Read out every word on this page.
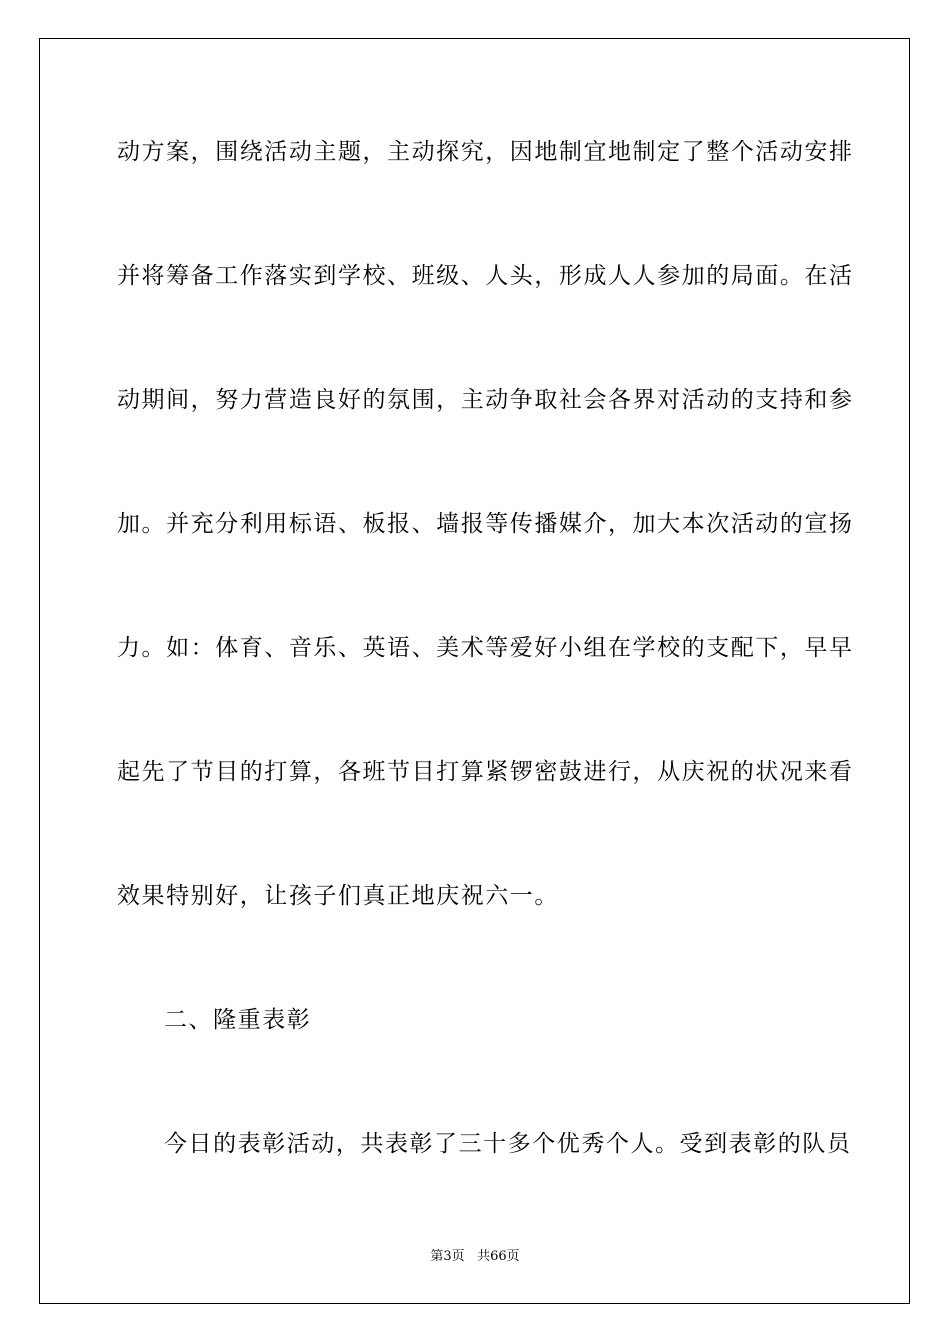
动方案，围绕活动主题，主动探究，因地制宜地制定了整个活动安排
并将筹备工作落实到学校、班级、人头，形成人人参加的局面。在活
动期间，努力营造良好的氛围，主动争取社会各界对活动的支持和参
加。并充分利用标语、板报、墙报等传播媒介，加大本次活动的宣扬
力。如：体育、音乐、英语、美术等爱好小组在学校的支配下，早早
起先了节目的打算，各班节目打算紧锣密鼓进行，从庆祝的状况来看
效果特别好，让孩子们真正地庆祝六一。
二、隆重表彰
今日的表彰活动，共表彰了三十多个优秀个人。受到表彰的队员
第3页 共66页
